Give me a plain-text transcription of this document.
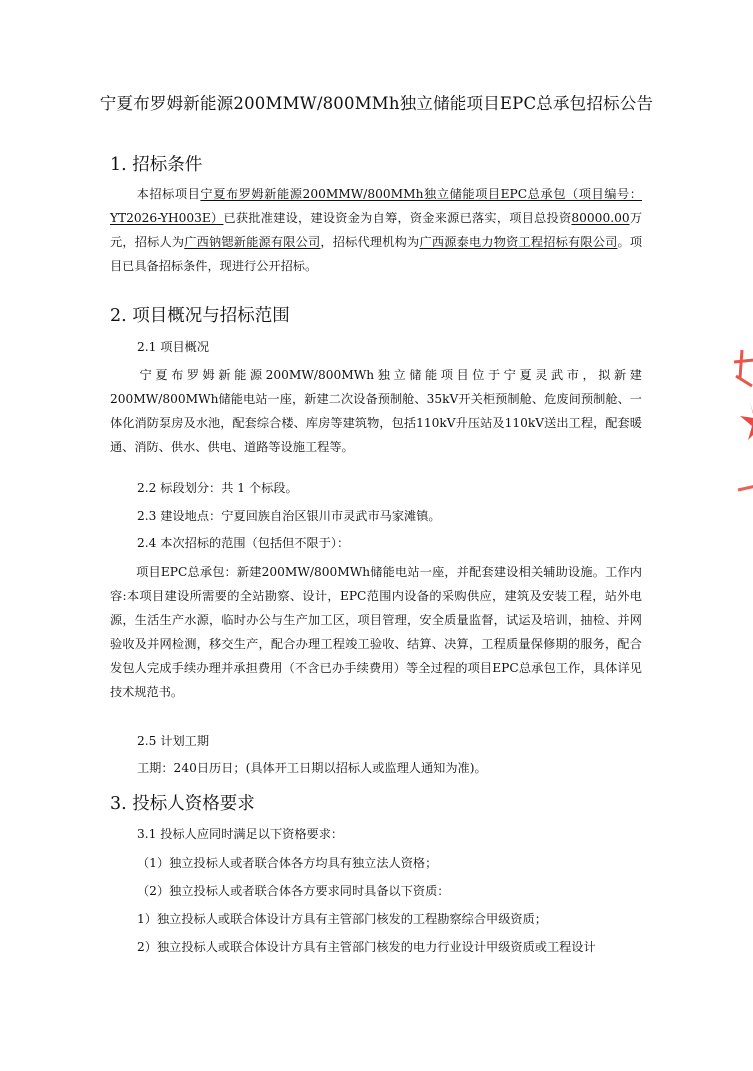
宁夏布罗姆新能源200MMW/800MMh独立储能项目EPC总承包招标公告
1. 招标条件
本招标项目宁夏布罗姆新能源200MMW/800MMh独立储能项目EPC总承包（项目编号：YT2026-YH003E）已获批准建设，建设资金为自筹，资金来源已落实，项目总投资80000.00万元，招标人为广西钠锶新能源有限公司，招标代理机构为广西源泰电力物资工程招标有限公司。项目已具备招标条件，现进行公开招标。
2. 项目概况与招标范围
2.1 项目概况
宁夏布罗姆新能源200MW/800MWh独立储能项目位于宁夏灵武市，拟新建200MW/800MWh储能电站一座，新建二次设备预制舱、35kV开关柜预制舱、危废间预制舱、一体化消防泵房及水池，配套综合楼、库房等建筑物，包括110kV升压站及110kV送出工程，配套暖通、消防、供水、供电、道路等设施工程等。
2.2 标段划分：共 1 个标段。
2.3 建设地点：宁夏回族自治区银川市灵武市马家滩镇。
2.4 本次招标的范围（包括但不限于）：
项目EPC总承包：新建200MW/800MWh储能电站一座，并配套建设相关辅助设施。工作内容:本项目建设所需要的全站勘察、设计，EPC范围内设备的采购供应，建筑及安装工程，站外电源，生活生产水源，临时办公与生产加工区，项目管理，安全质量监督，试运及培训，抽检、并网验收及并网检测，移交生产，配合办理工程竣工验收、结算、决算，工程质量保修期的服务，配合发包人完成手续办理并承担费用（不含已办手续费用）等全过程的项目EPC总承包工作，具体详见技术规范书。
2.5 计划工期
工期：240日历日；(具体开工日期以招标人或监理人通知为准)。
3. 投标人资格要求
3.1 投标人应同时满足以下资格要求：
（1）独立投标人或者联合体各方均具有独立法人资格；
（2）独立投标人或者联合体各方要求同时具备以下资质：
1）独立投标人或联合体设计方具有主管部门核发的工程勘察综合甲级资质；
2）独立投标人或联合体设计方具有主管部门核发的电力行业设计甲级资质或工程设计
